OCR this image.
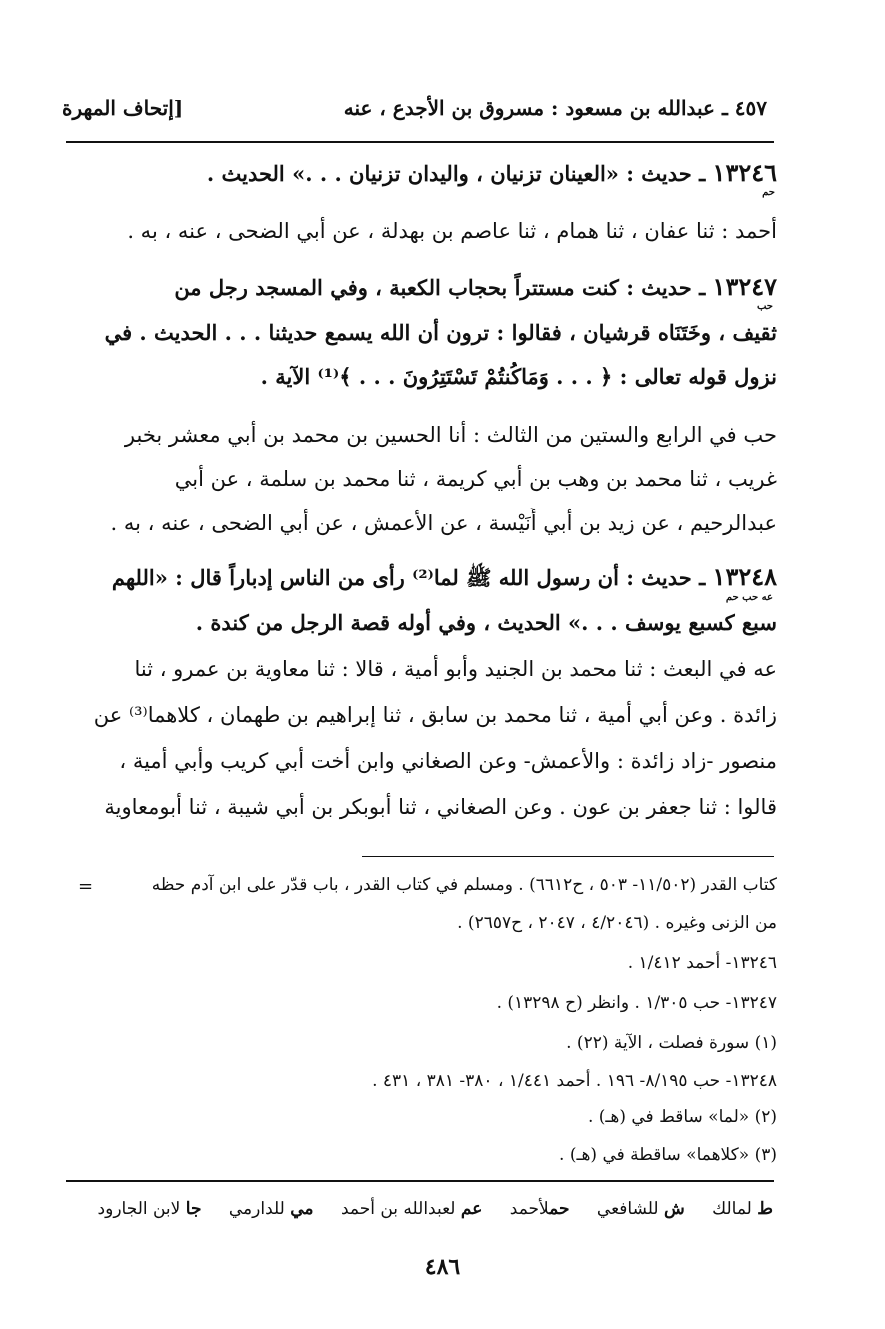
٤٥٧ ـ عبدالله بن مسعود : مسروق بن الأجدع ، عنه
[إتحاف المهرة
١٣٢٤٦ ـ حديث : «العينان تزنيان ، واليدان تزنيان . . .» الحديث .
حم
أحمد : ثنا عفان ، ثنا همام ، ثنا عاصم بن بهدلة ، عن أبي الضحى ، عنه ، به .
١٣٢٤٧ ـ حديث : كنت مستتراً بحجاب الكعبة ، وفي المسجد رجل من
حب
ثقيف ، وخَتَنَاه قرشيان ، فقالوا : ترون أن الله يسمع حديثنا . . . الحديث . في
نزول قوله تعالى : ﴿ . . . وَمَاكُنتُمْ تَسْتَتِرُونَ . . . ﴾⁽¹⁾ الآية .
حب في الرابع والستين من الثالث : أنا الحسين بن محمد بن أبي معشر بخبر
غريب ، ثنا محمد بن وهب بن أبي كريمة ، ثنا محمد بن سلمة ، عن أبي
عبدالرحيم ، عن زيد بن أبي أُنَيْسة ، عن الأعمش ، عن أبي الضحى ، عنه ، به .
١٣٢٤٨ ـ حديث : أن رسول الله ﷺ لما⁽²⁾ رأى من الناس إدباراً قال : «اللهم
عه حب حم
سبع كسبع يوسف . . .» الحديث ، وفي أوله قصة الرجل من كندة .
عه في البعث : ثنا محمد بن الجنيد وأبو أمية ، قالا : ثنا معاوية بن عمرو ، ثنا
زائدة . وعن أبي أمية ، ثنا محمد بن سابق ، ثنا إبراهيم بن طهمان ، كلاهما⁽³⁾ عن
منصور -زاد زائدة : والأعمش- وعن الصغاني وابن أخت أبي كريب وأبي أمية ،
قالوا : ثنا جعفر بن عون . وعن الصغاني ، ثنا أبوبكر بن أبي شيبة ، ثنا أبومعاوية
=	كتاب القدر (١١/٥٠٢- ٥٠٣ ، ح٦٦١٢) . ومسلم في كتاب القدر ، باب قدّر على ابن آدم حظه
من الزنى وغيره . (٤/٢٠٤٦ ، ٢٠٤٧ ، ح٢٦٥٧) .
١٣٢٤٦- أحمد ١/٤١٢ .
١٣٢٤٧- حب ١/٣٠٥ . وانظر (ح ١٣٢٩٨) .
(١) سورة فصلت ، الآية (٢٢) .
١٣٢٤٨- حب ٨/١٩٥- ١٩٦ . أحمد ١/٤٤١ ، ٣٨٠- ٣٨١ ، ٤٣١ .
(٢) «لما» ساقط في (هـ) .
(٣) «كلاهما» ساقطة في (هـ) .
ط لمالك ش للشافعي حملأحمد عم لعبدالله بن أحمد مي للدارمي جا لابن الجارود
٤٨٦
